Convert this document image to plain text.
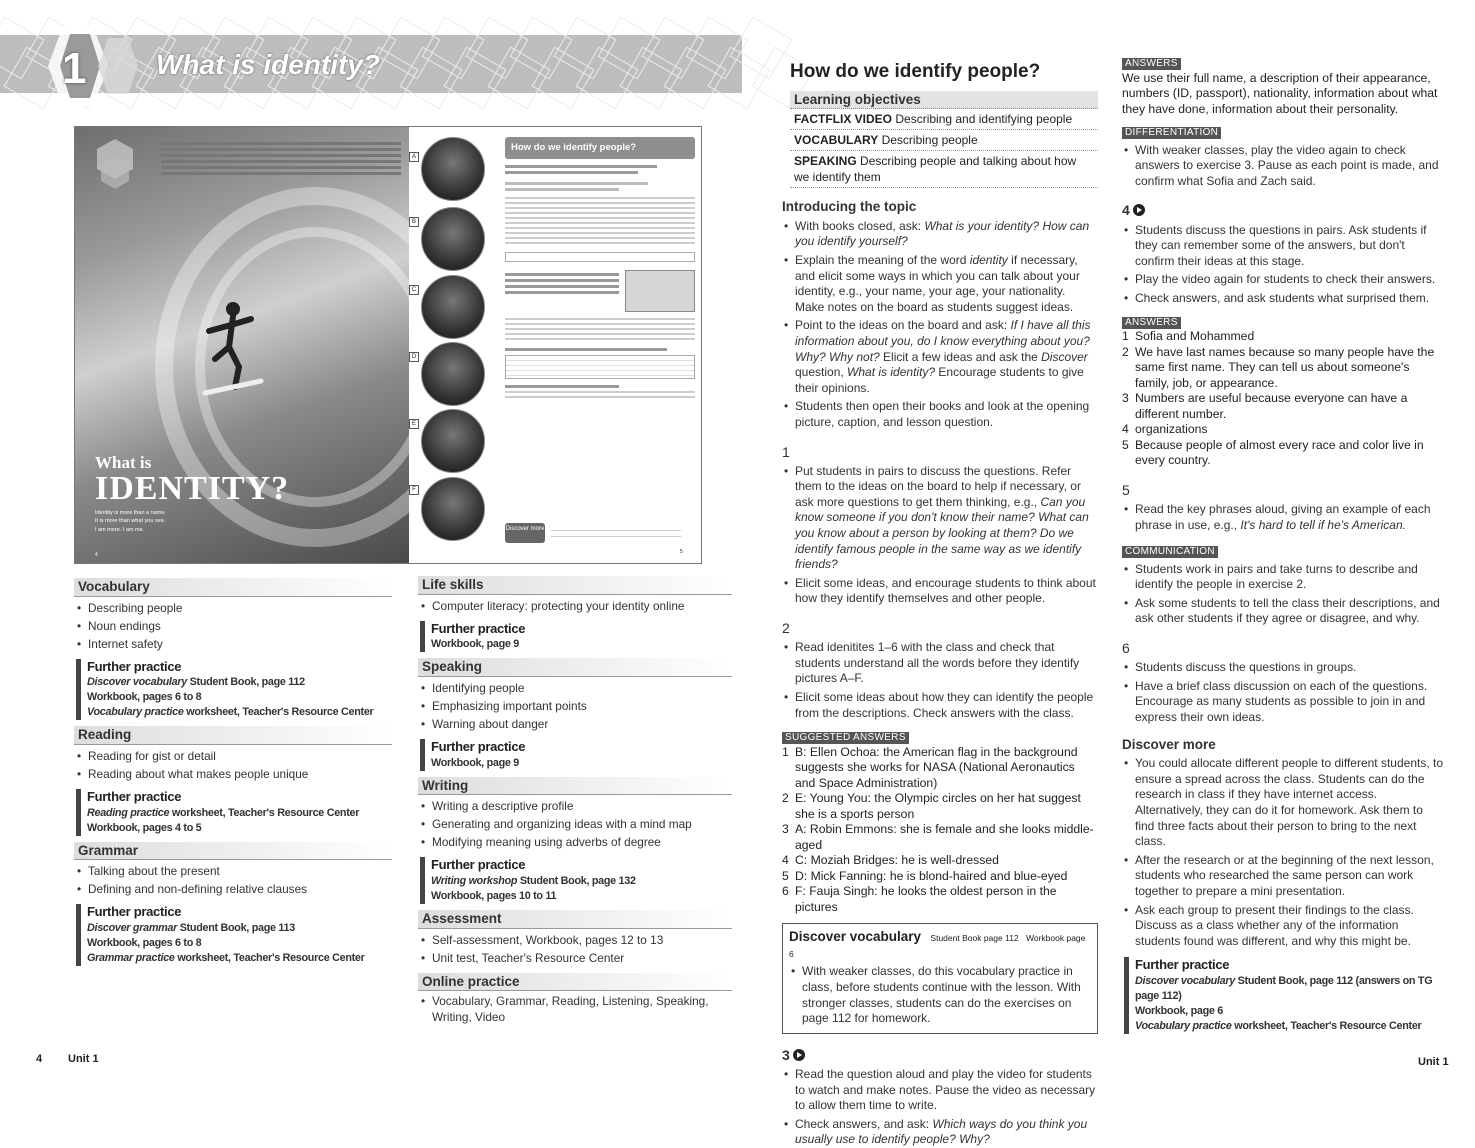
1 What is identity?
What is
IDENTITY?
Identity is more than a name.
It is more than what you see.
I am more. I am me.
4
A
B
C
D
E
F
How do we identify people?
Discover more
5
Vocabulary
• Describing people
• Noun endings
• Internet safety
Further practice
Discover vocabulary Student Book, page 112
Workbook, pages 6 to 8
Vocabulary practice worksheet, Teacher's Resource Center
Reading
• Reading for gist or detail
• Reading about what makes people unique
Further practice
Reading practice worksheet, Teacher's Resource Center
Workbook, pages 4 to 5
Grammar
• Talking about the present
• Defining and non-defining relative clauses
Further practice
Discover grammar Student Book, page 113
Workbook, pages 6 to 8
Grammar practice worksheet, Teacher's Resource Center
Life skills
• Computer literacy: protecting your identity online
Further practice
Workbook, page 9
Speaking
• Identifying people
• Emphasizing important points
• Warning about danger
Further practice
Workbook, page 9
Writing
• Writing a descriptive profile
• Generating and organizing ideas with a mind map
• Modifying meaning using adverbs of degree
Further practice
Writing workshop Student Book, page 132
Workbook, pages 10 to 11
Assessment
• Self-assessment, Workbook, pages 12 to 13
• Unit test, Teacher's Resource Center
Online practice
• Vocabulary, Grammar, Reading, Listening, Speaking, Writing, Video
How do we identify people?
Learning objectives
FACTFLIX VIDEO Describing and identifying people
VOCABULARY Describing people
SPEAKING Describing people and talking about how we identify them
Introducing the topic
• With books closed, ask: What is your identity? How can you identify yourself?
• Explain the meaning of the word identity if necessary, and elicit some ways in which you can talk about your identity, e.g., your name, your age, your nationality. Make notes on the board as students suggest ideas.
• Point to the ideas on the board and ask: If I have all this information about you, do I know everything about you? Why? Why not? Elicit a few ideas and ask the Discover question, What is identity? Encourage students to give their opinions.
• Students then open their books and look at the opening picture, caption, and lesson question.
1
• Put students in pairs to discuss the questions. Refer them to the ideas on the board to help if necessary, or ask more questions to get them thinking, e.g., Can you know someone if you don't know their name? What can you know about a person by looking at them? Do we identify famous people in the same way as we identify friends?
• Elicit some ideas, and encourage students to think about how they identify themselves and other people.
2
• Read idenitites 1–6 with the class and check that students understand all the words before they identify pictures A–F.
• Elicit some ideas about how they can identify the people from the descriptions. Check answers with the class.
SUGGESTED ANSWERS
1 B: Ellen Ochoa: the American flag in the background suggests she works for NASA (National Aeronautics and Space Administration)
2 E: Young You: the Olympic circles on her hat suggest she is a sports person
3 A: Robin Emmons: she is female and she looks middle-aged
4 C: Moziah Bridges: he is well-dressed
5 D: Mick Fanning: he is blond-haired and blue-eyed
6 F: Fauja Singh: he looks the oldest person in the pictures
Discover vocabulary Student Book page 112 Workbook page 6
• With weaker classes, do this vocabulary practice in class, before students continue with the lesson. With stronger classes, students can do the exercises on page 112 for homework.
3
• Read the question aloud and play the video for students to watch and make notes. Pause the video as necessary to allow them time to write.
• Check answers, and ask: Which ways do you think you usually use to identify people? Why?
ANSWERS
We use their full name, a description of their appearance, numbers (ID, passport), nationality, information about what they have done, information about their personality.
DIFFERENTIATION
• With weaker classes, play the video again to check answers to exercise 3. Pause as each point is made, and confirm what Sofia and Zach said.
4
• Students discuss the questions in pairs. Ask students if they can remember some of the answers, but don't confirm their ideas at this stage.
• Play the video again for students to check their answers.
• Check answers, and ask students what surprised them.
ANSWERS
1 Sofia and Mohammed
2 We have last names because so many people have the same first name. They can tell us about someone's family, job, or appearance.
3 Numbers are useful because everyone can have a different number.
4 organizations
5 Because people of almost every race and color live in every country.
5
• Read the key phrases aloud, giving an example of each phrase in use, e.g., It's hard to tell if he's American.
COMMUNICATION
• Students work in pairs and take turns to describe and identify the people in exercise 2.
• Ask some students to tell the class their descriptions, and ask other students if they agree or disagree, and why.
6
• Students discuss the questions in groups.
• Have a brief class discussion on each of the questions. Encourage as many students as possible to join in and express their own ideas.
Discover more
• You could allocate different people to different students, to ensure a spread across the class. Students can do the research in class if they have internet access. Alternatively, they can do it for homework. Ask them to find three facts about their person to bring to the next class.
• After the research or at the beginning of the next lesson, students who researched the same person can work together to prepare a mini presentation.
• Ask each group to present their findings to the class. Discuss as a class whether any of the information students found was different, and why this might be.
Further practice
Discover vocabulary Student Book, page 112 (answers on TG page 112)
Workbook, page 6
Vocabulary practice worksheet, Teacher's Resource Center
4 Unit 1	Unit 1
